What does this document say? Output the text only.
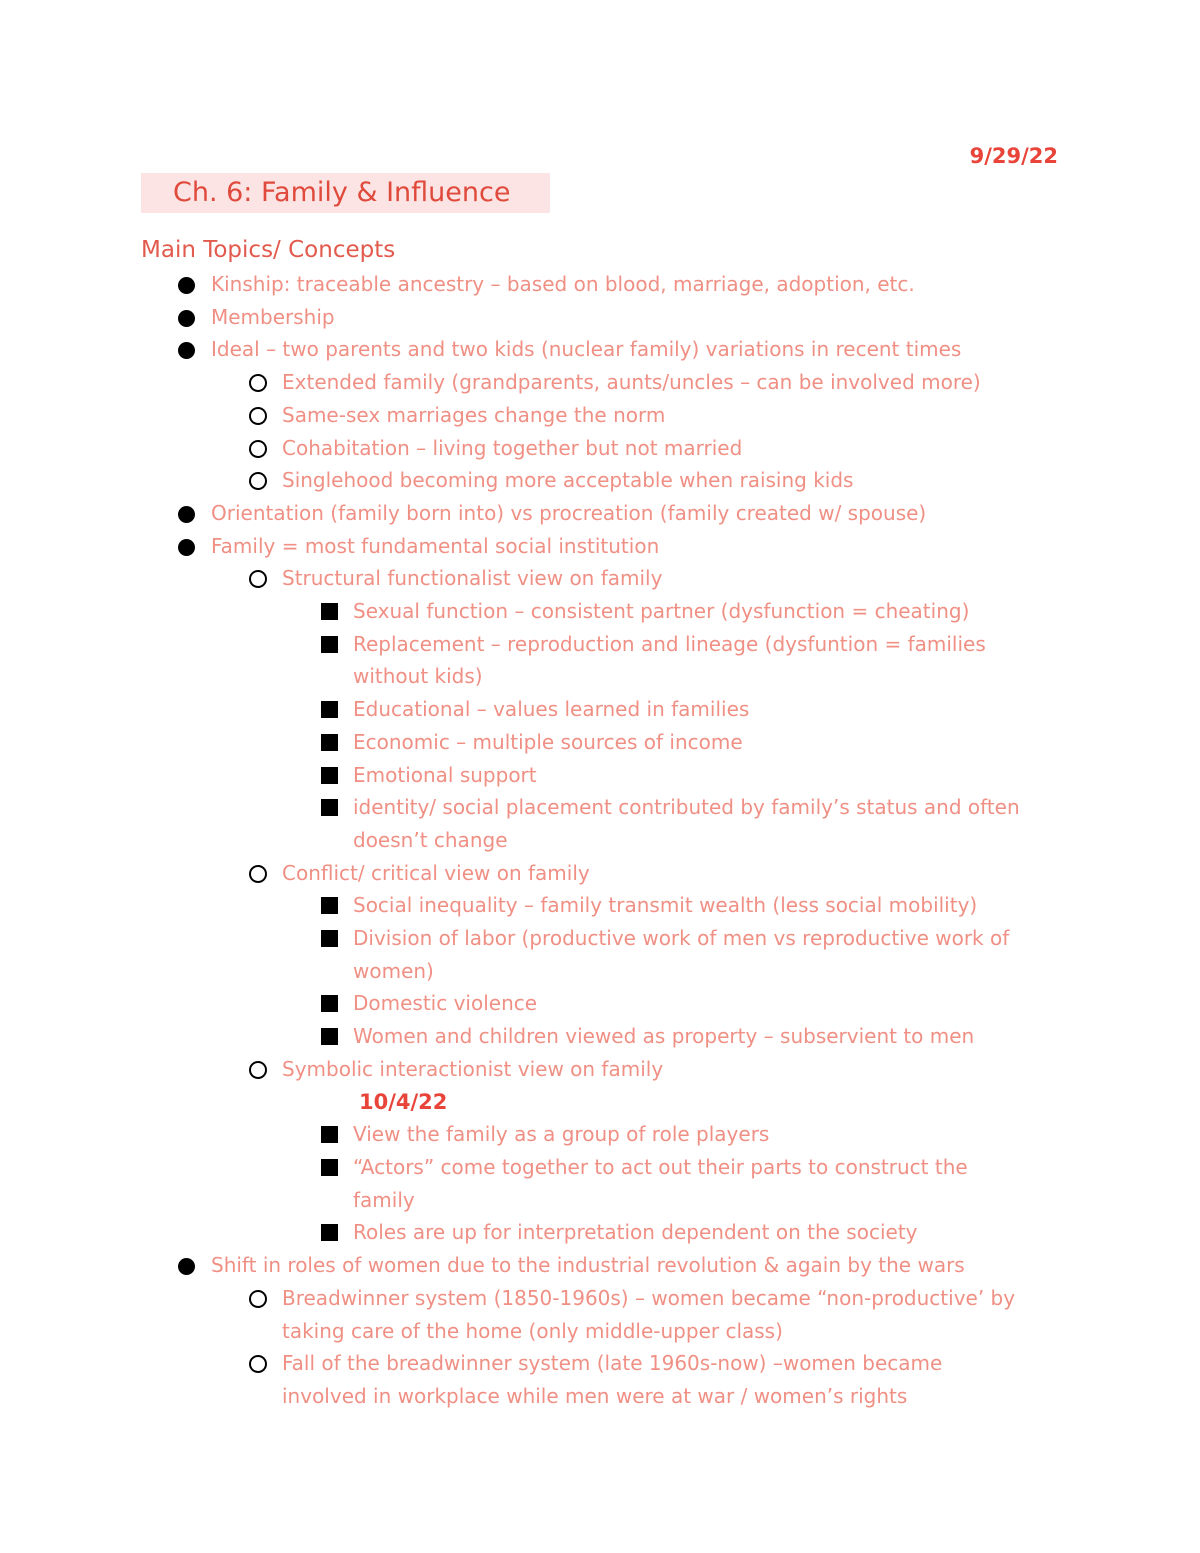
9/29/22
Ch. 6: Family & Influence
Main Topics/ Concepts
Kinship: traceable ancestry – based on blood, marriage, adoption, etc.
Membership
Ideal – two parents and two kids (nuclear family) variations in recent times
Extended family (grandparents, aunts/uncles – can be involved more)
Same-sex marriages change the norm
Cohabitation – living together but not married
Singlehood becoming more acceptable when raising kids
Orientation (family born into) vs procreation (family created w/ spouse)
Family = most fundamental social institution
Structural functionalist view on family
Sexual function – consistent partner (dysfunction = cheating)
Replacement – reproduction and lineage (dysfuntion = families
without kids)
Educational – values learned in families
Economic – multiple sources of income
Emotional support
identity/ social placement contributed by family’s status and often
doesn’t change
Conflict/ critical view on family
Social inequality – family transmit wealth (less social mobility)
Division of labor (productive work of men vs reproductive work of
women)
Domestic violence
Women and children viewed as property – subservient to men
Symbolic interactionist view on family
10/4/22
View the family as a group of role players
“Actors” come together to act out their parts to construct the
family
Roles are up for interpretation dependent on the society
Shift in roles of women due to the industrial revolution & again by the wars
Breadwinner system (1850-1960s) – women became “non-productive’ by
taking care of the home (only middle-upper class)
Fall of the breadwinner system (late 1960s-now) –women became
involved in workplace while men were at war / women’s rights
